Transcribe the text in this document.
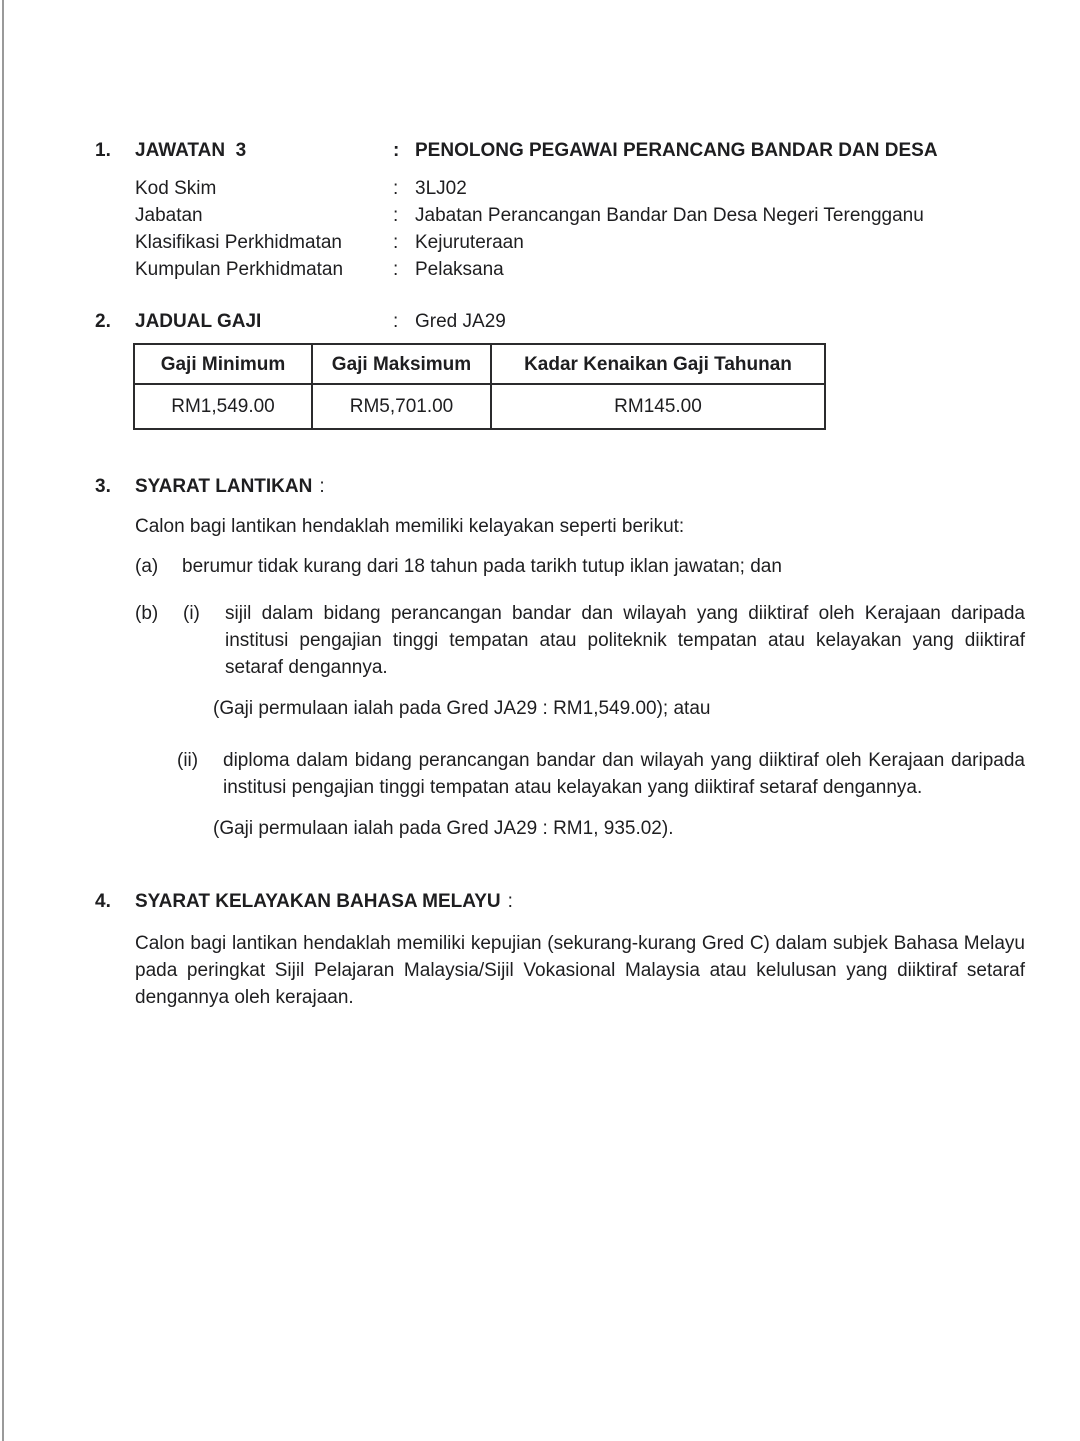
1.	JAWATAN  3	: PENOLONG PEGAWAI PERANCANG BANDAR DAN DESA
Kod Skim	: 3LJ02
Jabatan	: Jabatan Perancangan Bandar Dan Desa Negeri Terengganu
Klasifikasi Perkhidmatan	: Kejuruteraan
Kumpulan Perkhidmatan	: Pelaksana
2.	JADUAL GAJI	: Gred JA29
Gaji Minimum	Gaji Maksimum	Kadar Kenaikan Gaji Tahunan
RM1,549.00	RM5,701.00	RM145.00
3.	SYARAT LANTIKAN :
Calon bagi lantikan hendaklah memiliki kelayakan seperti berikut:
(a)	berumur tidak kurang dari 18 tahun pada tarikh tutup iklan jawatan; dan
(b)	(i)	sijil dalam bidang perancangan bandar dan wilayah yang diiktiraf oleh Kerajaan daripada institusi pengajian tinggi tempatan atau politeknik tempatan atau kelayakan yang diiktiraf setaraf dengannya.
(Gaji permulaan ialah pada Gred JA29 : RM1,549.00); atau
(ii)	diploma dalam bidang perancangan bandar dan wilayah yang diiktiraf oleh Kerajaan daripada institusi pengajian tinggi tempatan atau kelayakan yang diiktiraf setaraf dengannya.
(Gaji permulaan ialah pada Gred JA29 : RM1, 935.02).
4.	SYARAT KELAYAKAN BAHASA MELAYU :
Calon bagi lantikan hendaklah memiliki kepujian (sekurang-kurang Gred C) dalam subjek Bahasa Melayu pada peringkat Sijil Pelajaran Malaysia/Sijil Vokasional Malaysia atau kelulusan yang diiktiraf setaraf dengannya oleh kerajaan.
